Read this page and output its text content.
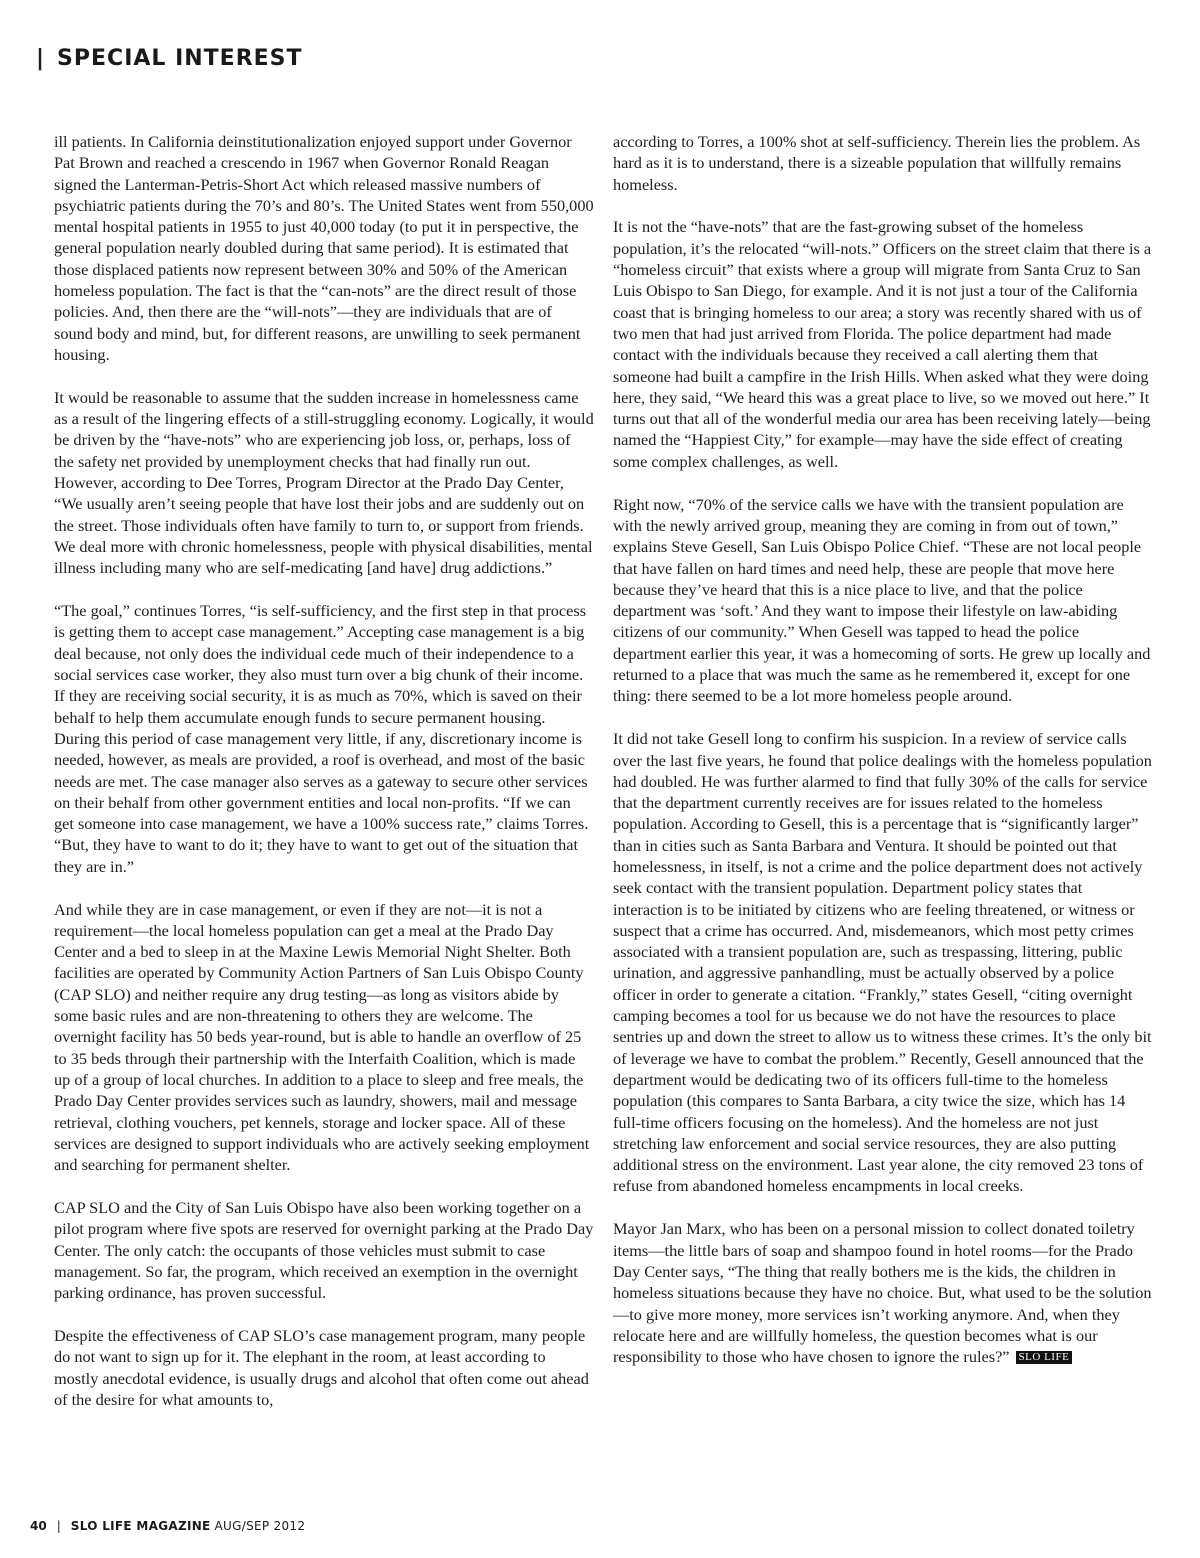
| SPECIAL INTEREST

ill patients. In California deinstitutionalization enjoyed support under Governor Pat Brown and reached a crescendo in 1967 when Governor Ronald Reagan signed the Lanterman-Petris-Short Act which released massive numbers of psychiatric patients during the 70’s and 80’s. The United States went from 550,000 mental hospital patients in 1955 to just 40,000 today (to put it in perspective, the general population nearly doubled during that same period). It is estimated that those displaced patients now represent between 30% and 50% of the American homeless population. The fact is that the “can-nots” are the direct result of those policies. And, then there are the “will-nots”—they are individuals that are of sound body and mind, but, for different reasons, are unwilling to seek permanent housing.

It would be reasonable to assume that the sudden increase in homelessness came as a result of the lingering effects of a still-struggling economy. Logically, it would be driven by the “have-nots” who are experiencing job loss, or, perhaps, loss of the safety net provided by unemployment checks that had finally run out. However, according to Dee Torres, Program Director at the Prado Day Center, “We usually aren’t seeing people that have lost their jobs and are suddenly out on the street. Those individuals often have family to turn to, or support from friends. We deal more with chronic homelessness, people with physical disabilities, mental illness including many who are self-medicating [and have] drug addictions.”

“The goal,” continues Torres, “is self-sufficiency, and the first step in that process is getting them to accept case management.” Accepting case management is a big deal because, not only does the individual cede much of their independence to a social services case worker, they also must turn over a big chunk of their income. If they are receiving social security, it is as much as 70%, which is saved on their behalf to help them accumulate enough funds to secure permanent housing. During this period of case management very little, if any, discretionary income is needed, however, as meals are provided, a roof is overhead, and most of the basic needs are met. The case manager also serves as a gateway to secure other services on their behalf from other government entities and local non-profits. “If we can get someone into case management, we have a 100% success rate,” claims Torres. “But, they have to want to do it; they have to want to get out of the situation that they are in.”

And while they are in case management, or even if they are not—it is not a requirement—the local homeless population can get a meal at the Prado Day Center and a bed to sleep in at the Maxine Lewis Memorial Night Shelter. Both facilities are operated by Community Action Partners of San Luis Obispo County (CAP SLO) and neither require any drug testing—as long as visitors abide by some basic rules and are non-threatening to others they are welcome. The overnight facility has 50 beds year-round, but is able to handle an overflow of 25 to 35 beds through their partnership with the Interfaith Coalition, which is made up of a group of local churches. In addition to a place to sleep and free meals, the Prado Day Center provides services such as laundry, showers, mail and message retrieval, clothing vouchers, pet kennels, storage and locker space. All of these services are designed to support individuals who are actively seeking employment and searching for permanent shelter.

CAP SLO and the City of San Luis Obispo have also been working together on a pilot program where five spots are reserved for overnight parking at the Prado Day Center. The only catch: the occupants of those vehicles must submit to case management. So far, the program, which received an exemption in the overnight parking ordinance, has proven successful.

Despite the effectiveness of CAP SLO’s case management program, many people do not want to sign up for it. The elephant in the room, at least according to mostly anecdotal evidence, is usually drugs and alcohol that often come out ahead of the desire for what amounts to,

according to Torres, a 100% shot at self-sufficiency. Therein lies the problem. As hard as it is to understand, there is a sizeable population that willfully remains homeless.

It is not the “have-nots” that are the fast-growing subset of the homeless population, it’s the relocated “will-nots.” Officers on the street claim that there is a “homeless circuit” that exists where a group will migrate from Santa Cruz to San Luis Obispo to San Diego, for example. And it is not just a tour of the California coast that is bringing homeless to our area; a story was recently shared with us of two men that had just arrived from Florida. The police department had made contact with the individuals because they received a call alerting them that someone had built a campfire in the Irish Hills. When asked what they were doing here, they said, “We heard this was a great place to live, so we moved out here.” It turns out that all of the wonderful media our area has been receiving lately—being named the “Happiest City,” for example—may have the side effect of creating some complex challenges, as well.

Right now, “70% of the service calls we have with the transient population are with the newly arrived group, meaning they are coming in from out of town,” explains Steve Gesell, San Luis Obispo Police Chief. “These are not local people that have fallen on hard times and need help, these are people that move here because they’ve heard that this is a nice place to live, and that the police department was ‘soft.’ And they want to impose their lifestyle on law-abiding citizens of our community.” When Gesell was tapped to head the police department earlier this year, it was a homecoming of sorts. He grew up locally and returned to a place that was much the same as he remembered it, except for one thing: there seemed to be a lot more homeless people around.

It did not take Gesell long to confirm his suspicion. In a review of service calls over the last five years, he found that police dealings with the homeless population had doubled. He was further alarmed to find that fully 30% of the calls for service that the department currently receives are for issues related to the homeless population. According to Gesell, this is a percentage that is “significantly larger” than in cities such as Santa Barbara and Ventura. It should be pointed out that homelessness, in itself, is not a crime and the police department does not actively seek contact with the transient population. Department policy states that interaction is to be initiated by citizens who are feeling threatened, or witness or suspect that a crime has occurred. And, misdemeanors, which most petty crimes associated with a transient population are, such as trespassing, littering, public urination, and aggressive panhandling, must be actually observed by a police officer in order to generate a citation. “Frankly,” states Gesell, “citing overnight camping becomes a tool for us because we do not have the resources to place sentries up and down the street to allow us to witness these crimes. It’s the only bit of leverage we have to combat the problem.” Recently, Gesell announced that the department would be dedicating two of its officers full-time to the homeless population (this compares to Santa Barbara, a city twice the size, which has 14 full-time officers focusing on the homeless). And the homeless are not just stretching law enforcement and social service resources, they are also putting additional stress on the environment. Last year alone, the city removed 23 tons of refuse from abandoned homeless encampments in local creeks.

Mayor Jan Marx, who has been on a personal mission to collect donated toiletry items—the little bars of soap and shampoo found in hotel rooms—for the Prado Day Center says, “The thing that really bothers me is the kids, the children in homeless situations because they have no choice. But, what used to be the solution—to give more money, more services isn’t working anymore. And, when they relocate here and are willfully homeless, the question becomes what is our responsibility to those who have chosen to ignore the rules?” SLO LIFE

40 | SLO LIFE MAGAZINE AUG/SEP 2012
